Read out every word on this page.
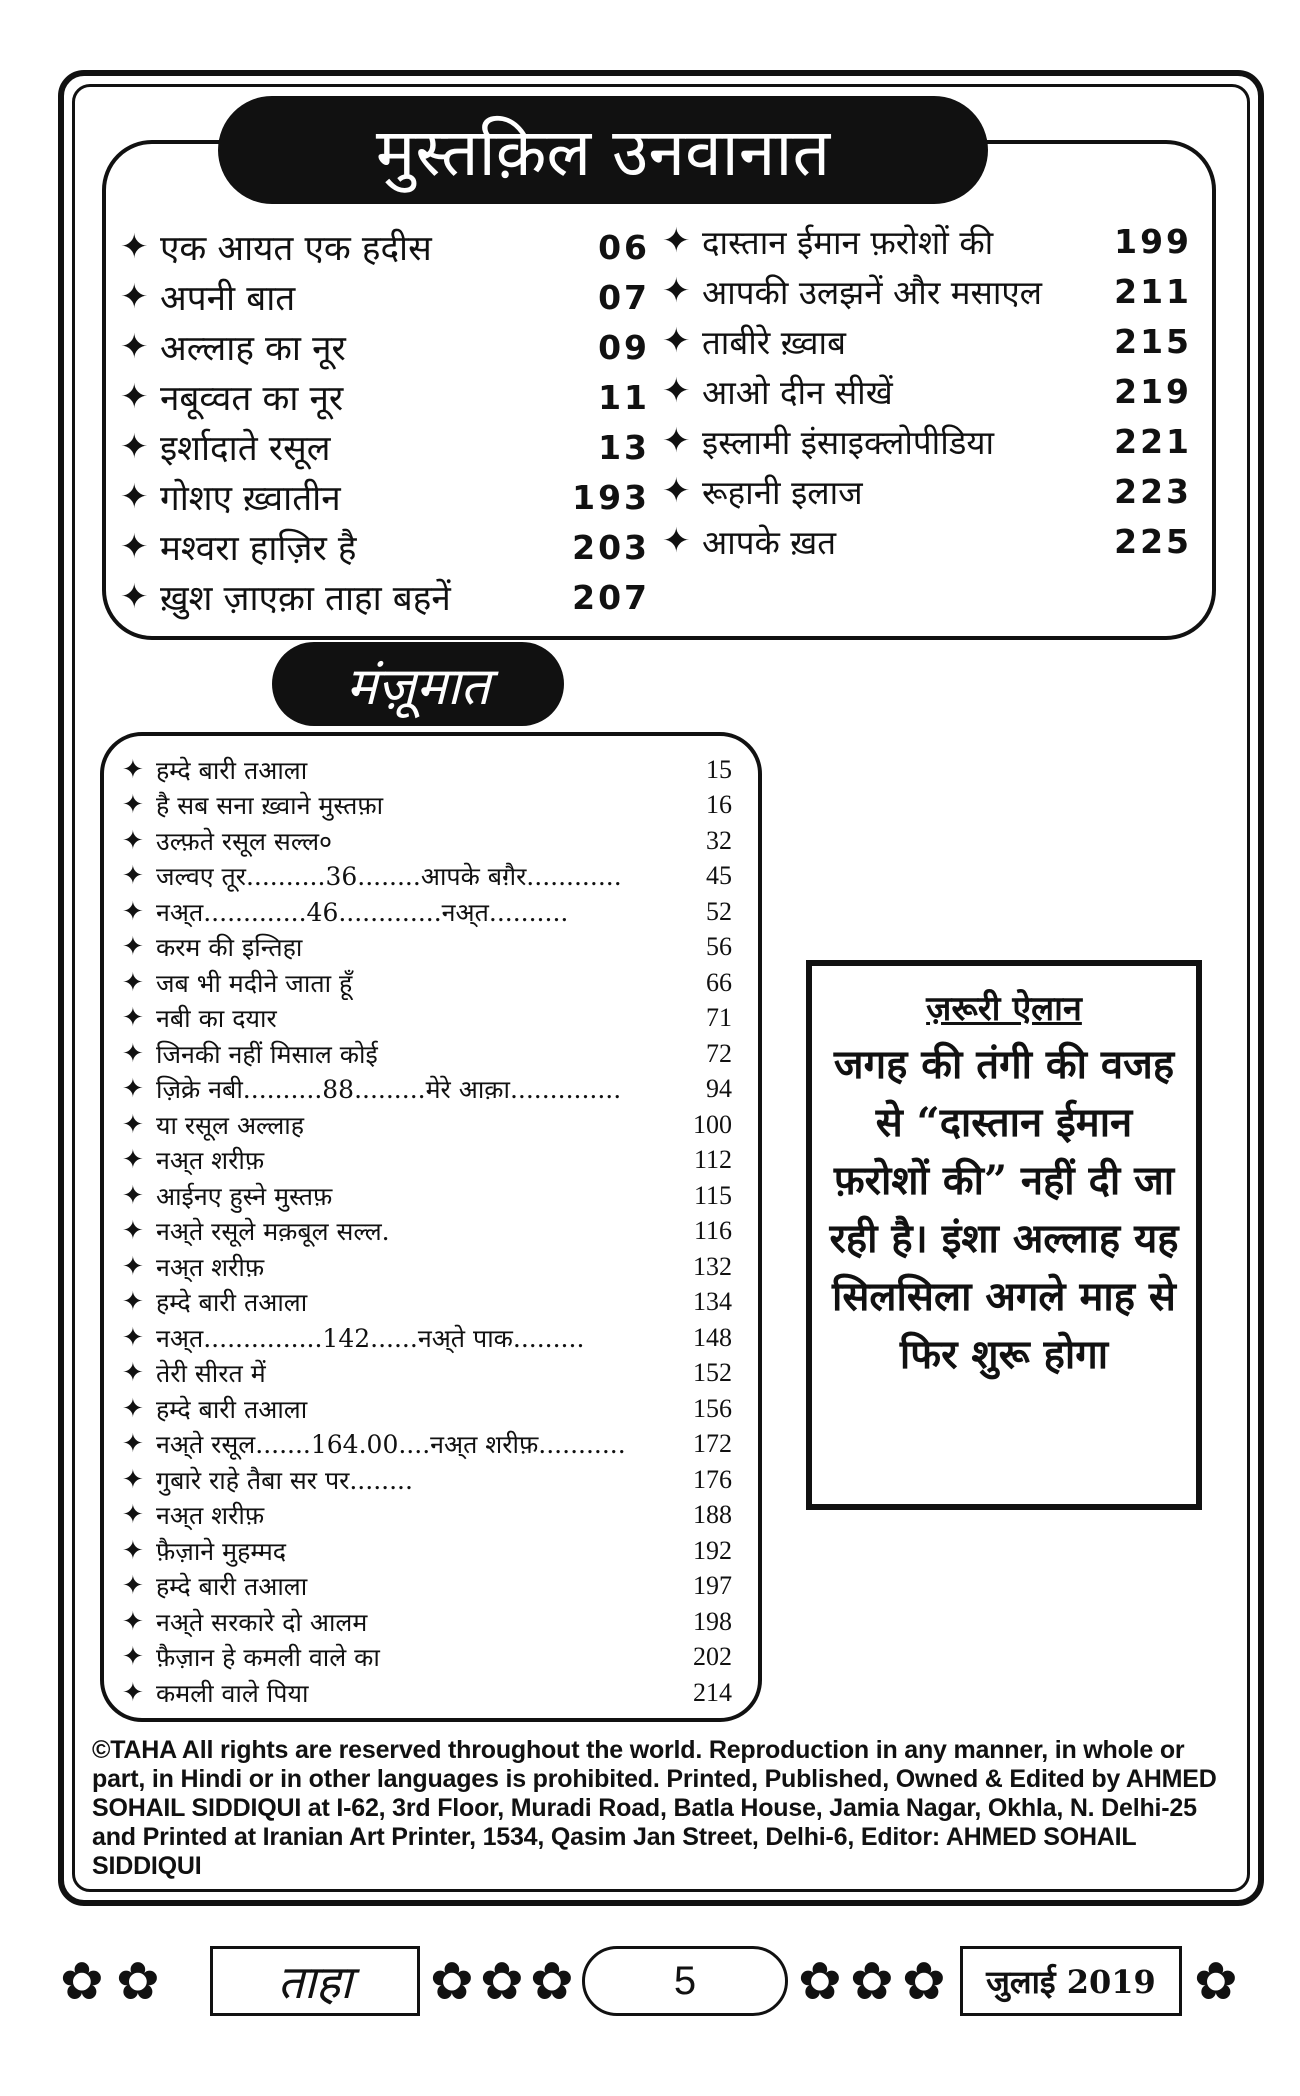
मुस्तक़िल उनवानात
✦ एक आयत एक हदीस	06
✦ अपनी बात	07
✦ अल्लाह का नूर	09
✦ नबूव्वत का नूर	11
✦ इर्शादाते रसूल	13
✦ गोशए ख़्वातीन	193
✦ मश्वरा हाज़िर है	203
✦ ख़ुश ज़ाएक़ा ताहा बहनें	207
✦ दास्तान ईमान फ़रोशों की	199
✦ आपकी उलझनें और मसाएल	211
✦ ताबीरे ख़्वाब	215
✦ आओ दीन सीखें	219
✦ इस्लामी इंसाइक्लोपीडिया	221
✦ रूहानी इलाज	223
✦ आपके ख़त	225
मंज़ूमात
✦ हम्दे बारी तआला	15
✦ है सब सना ख़्वाने मुस्तफ़ा	16
✦ उल्फ़ते रसूल सल्ल०	32
✦ जल्वए तूर..........36........आपके बग़ैर............	45
✦ नअ्त.............46.............नअ्त..........	52
✦ करम की इन्तिहा	56
✦ जब भी मदीने जाता हूँ	66
✦ नबी का दयार	71
✦ जिनकी नहीं मिसाल कोई	72
✦ ज़िक्रे नबी..........88.........मेरे आक़ा..............	94
✦ या रसूल अल्लाह	100
✦ नअ्त शरीफ़	112
✦ आईनए हुस्ने मुस्तफ़	115
✦ नअ्ते रसूले मक़बूल सल्ल.	116
✦ नअ्त शरीफ़	132
✦ हम्दे बारी तआला	134
✦ नअ्त...............142......नअ्ते पाक.........	148
✦ तेरी सीरत में	152
✦ हम्दे बारी तआला	156
✦ नअ्ते रसूल.......164.00....नअ्त शरीफ़...........	172
✦ गुबारे राहे तैबा सर पर........	176
✦ नअ्त शरीफ़	188
✦ फ़ैज़ाने मुहम्मद	192
✦ हम्दे बारी तआला	197
✦ नअ्ते सरकारे दो आलम	198
✦ फ़ैज़ान हे कमली वाले का	202
✦ कमली वाले पिया	214
ज़रूरी ऐलान
जगह की तंगी की वजह से “दास्तान ईमान फ़रोशों की” नहीं दी जा रही है। इंशा अल्लाह यह सिलसिला अगले माह से फिर शुरू होगा
©TAHA All rights are reserved throughout the world. Reproduction in any manner, in whole or part, in Hindi or in other languages is prohibited. Printed, Published, Owned & Edited by AHMED SOHAIL SIDDIQUI at I-62, 3rd Floor, Muradi Road, Batla House, Jamia Nagar, Okhla, N. Delhi-25 and Printed at Iranian Art Printer, 1534, Qasim Jan Street, Delhi-6, Editor: AHMED SOHAIL SIDDIQUI
✿ ✿	ताहा	✿ ✿ ✿	5	✿ ✿ ✿	जुलाई 2019 ✿
